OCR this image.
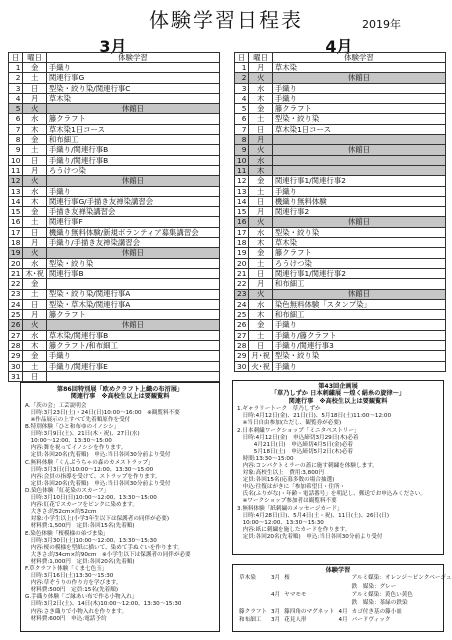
体験学習日程表	2019年
3月	4月
日	曜日	体験学習
1	金	手織り
2	土	関連行事G
3	日	型染・絞り染/関連行事C
4	月	草木染
5	火	休館日
6	水	籐クラフト
7	木	草木染1日コース
8	金	和布細工
9	土	手織り/関連行事B
10	日	手織り/関連行事B
11	月	ろうけつ染
12	火	休館日
13	水	手織り
14	木	関連行事G/手描き友禅染講習会
15	金	手描き友禅染講習会
16	土	関連行事F
17	日	機織り無料体験/新規ボランティア募集講習会
18	月	手織り/手描き友禅染講習会
19	火	休館日
20	水	型染・絞り染
21	木･祝	関連行事B
22	金	
23	土	型染・絞り染/関連行事A
24	日	型染・草木染/関連行事A
25	月	籐クラフト
26	火	休館日
27	水	草木染/関連行事B
28	木	籐クラフト/和布細工
29	金	手織り
30	土	手織り/関連行事E
31	日	
日	曜日	体験学習
1	月	草木染
2	火	休館日
3	水	手織り
4	木	手織り
5	金	籐クラフト
6	土	型染・絞り染
7	日	草木染1日コース
8	月	
9	火	休館日
10	水	
11	木	
12	金	関連行事1/関連行事2
13	土	手織り
14	日	機織り無料体験
15	月	関連行事2
16	火	休館日
17	水	型染・絞り染
18	木	草木染
19	金	籐クラフト
20	土	ろうけつ染
21	日	関連行事1/関連行事2
22	月	和布細工
23	火	休館日
24	水	染色無料体験「スタンプ染」
25	木	和布細工
26	金	手織り
27	土	手織り/籐クラフト
28	日	手織り/関連行事3
29	月･祝	型染・絞り染
30	火･祝	手織り
第86回特別展「欧めクラフト上織の布沼展」
関連行事　※高校生以上は要観覧料
A.「茨の会」工芸説明会
　日時:3月23日(土)・24日(日)10:00〜16:00　※観覧料不要
　※作品展示の上すべて先着順原作を受付
B.特別体験「ひと和布ゆのイノシシ」
　日時:3月9日(土)、21日(木・祝)、27日(水)
　10:00〜12:00、13:30〜15:00
　内容:舞を祝ってイノシシを作ります。
　定員:各回20名(先着順)　申込:当日各回30分前より受付
C.無料体験「くんぷうちゃの森のカメストラップ」
　日時:3月3日(日)10:00〜12:00、13:30〜15:00
　内容:会員の指導を受けて、ストラップを作ります。
　定員:各回20名(先着順)　申込:当日各回30分前より受付
D.染色体験「紅花染のスカーフ」
　日時:3月10日(日)10:00〜12:00、13:30〜15:00
　内容:紅花でスカーフをピンクに染めます。
　大きさ:約52cm×約52cm
　対象:小学生以上(小学3年生以下は保護者の同伴が必要)
　材料費:1,500円　定員:各回15名(先着順)
E.染色体験「桜模様の弟づま染」
　日時:3月30日(土)10:00〜12:00、13:30〜15:30
　内容:桜の模様を型紙に描いて、染めて手ぬぐいを作ります。
　大きさ:約34cm×約90cm　※小学生以下は保護者の同伴が必要
　材料費:1,000円　定員:各回20名(先着順)
F.草クラフト体験「くま七色玉」
　日時:3月16日(土)13:30〜15:30
　内容:草ぞうりの作り方を学びます。
　材料費:500円　定員:15名(先着順)
G.手織り体験「ご縁あい布で作る小物入れ」
　日時:3月2日(土)、14日(木)10:00〜12:00、13:30〜15:30
　内容:さき織りで小物入れを作ります。
　材料費:600円　申込:電話予約
第43回企画展
「草乃しずか 日本刺繍展 〜煌く絹糸の旋律〜」
関連行事　※高校生以上は要観覧料
1.ギャラリートーク　草乃しずか
　日時:4月12日(金)、21日(日)、5月18日(土)11:00〜12:00
　※当日自由参加(ただし、観覧券が必要)
2.日本刺繍ワークショップ「ミニタペストリー」
　日時:4月12日(金)　申込締切3月29日(木)必着
　　　4月21日(日)　申込締切4月5日(金)必着
　　　5月18日(土)　申込締切5月2日(木)必着
　時間:13:30〜15:00
　内容:コンパクトミラーの蓋に施す刺繍を体験します。
　対象:高校生以上　費用:3,800円
　定員:各回15名(応募多数の場合抽選)
　申込:往復はがきに「参加希望日・住所・
　氏名(ふりがな)・年齢・電話番号」を明記し、郵送でお申込みください。
　※ワークショップ参加者は観覧料不要
3.無料体験「紙刺繍のメッセージカード」
　日時:4月28日(日)、5月4日(土・祝)、11日(土)、26日(日)
　10:00〜12:00、13:30〜15:30
　内容:紙に刺繍を施したカードを作ります。
　定員:各回20名(先着順)　申込:当日各回30分前より受付
体験学習
草木染	3月	桜		アルミ媒染：オレンジ〜ピンクベージュ
				鉄　媒染：グレー
	4月	ヤマモモ		アルミ媒染：黄色い黄色
				鉄　媒染：茶緑の鉄染
籐クラフト	3月	籐四角のマグネット	4月	カゴ付き基の籐小皿
和布細工	3月	花見人形	4月	バードヴィック
